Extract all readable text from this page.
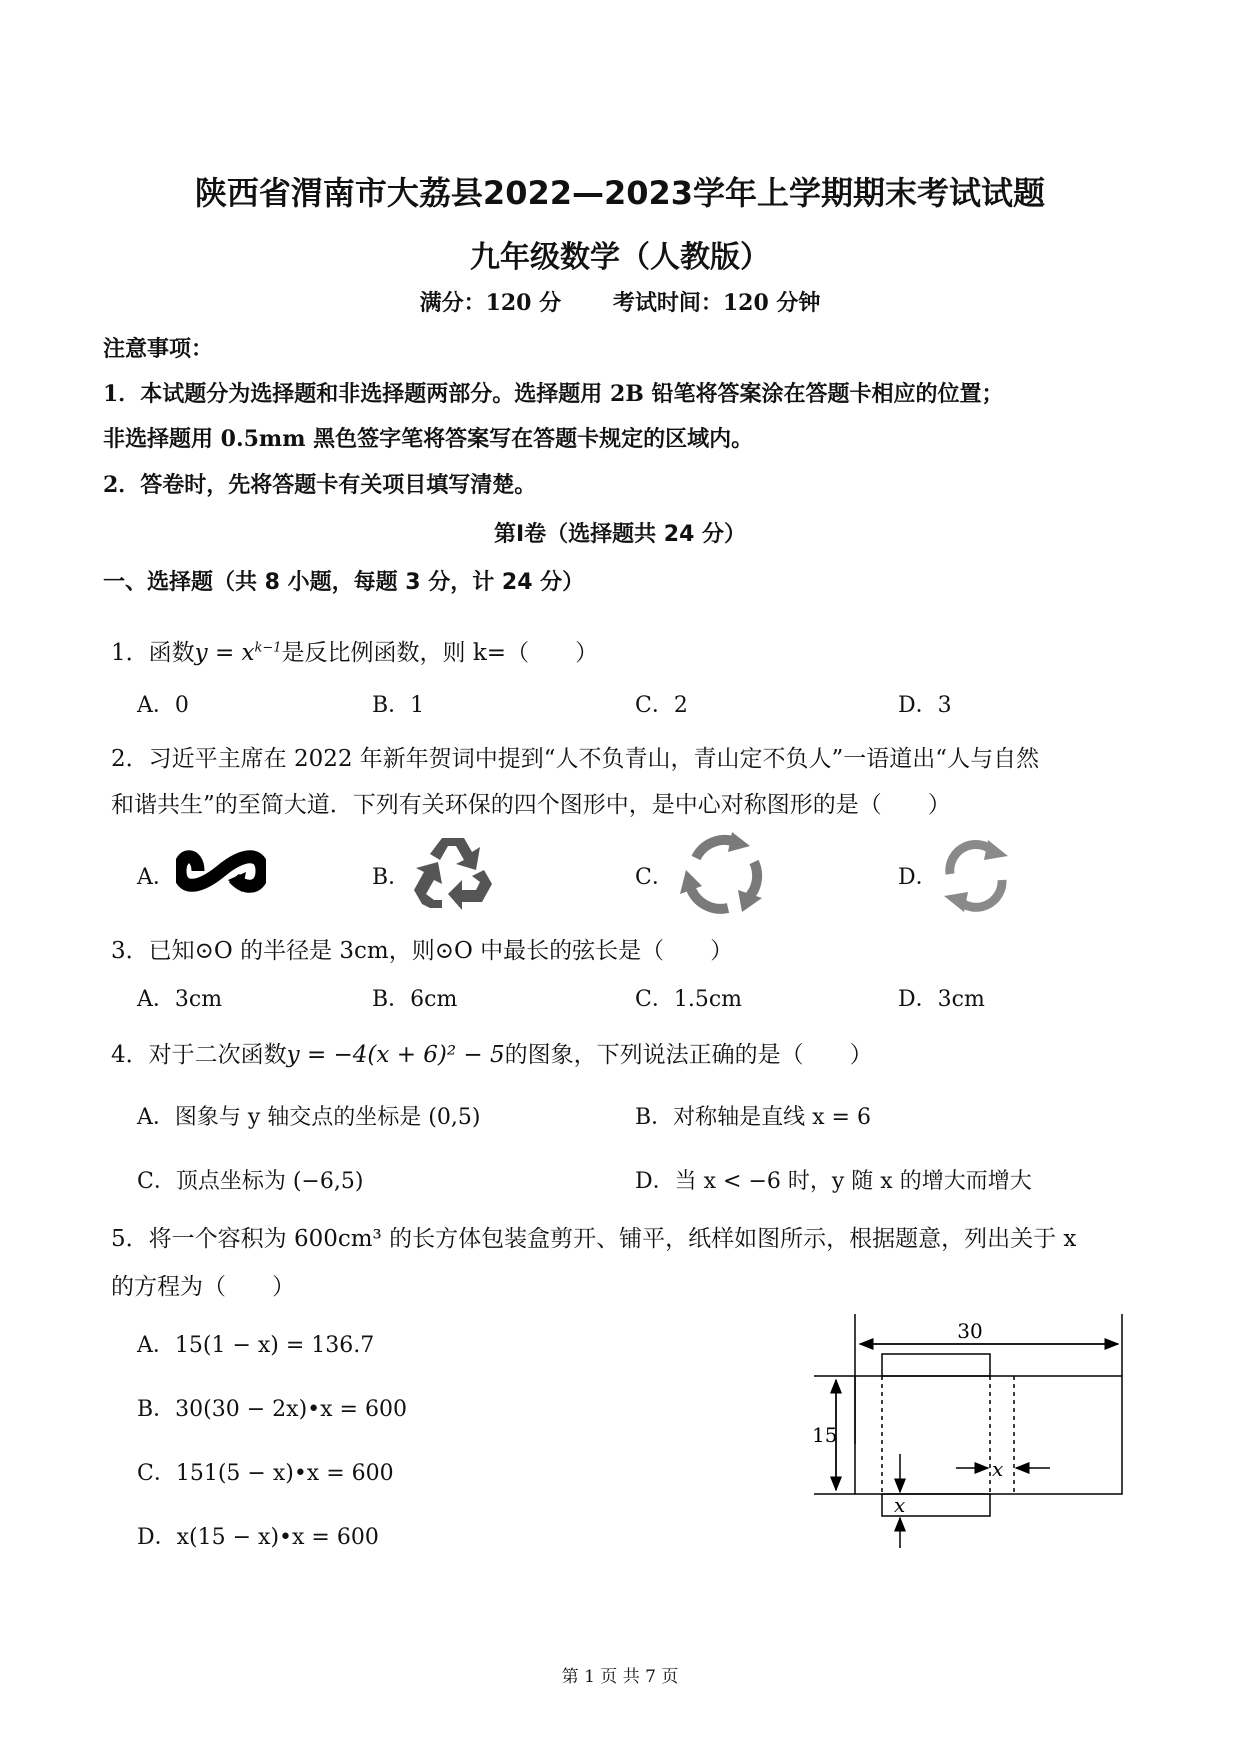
陕西省渭南市大荔县2022—2023学年上学期期末考试试题
九年级数学（人教版）
满分：120 分 考试时间：120 分钟
注意事项：
1．本试题分为选择题和非选择题两部分。选择题用 2B 铅笔将答案涂在答题卡相应的位置；
非选择题用 0.5mm 黑色签字笔将答案写在答题卡规定的区域内。
2．答卷时，先将答题卡有关项目填写清楚。
第Ⅰ卷（选择题共 24 分）
一、选择题（共 8 小题，每题 3 分，计 24 分）
1．函数$y = x^{k-1}$是反比例函数，则 k=（　　）
A．0	B．1	C．2	D．3
2．习近平主席在 2022 年新年贺词中提到“人不负青山，青山定不负人”一语道出“人与自然
和谐共生”的至简大道．下列有关环保的四个图形中，是中心对称图形的是（　　）
A．	B．	C．	D．
3．已知⊙O 的半径是 3cm，则⊙O 中最长的弦长是（　　）
A．3cm	B．6cm	C．1.5cm	D．3cm
4．对于二次函数y = −4(x + 6)² − 5的图象，下列说法正确的是（　　）
A．图象与 y 轴交点的坐标是 (0,5)	B．对称轴是直线 x = 6
C．顶点坐标为 (−6,5)	D．当 x < −6 时，y 随 x 的增大而增大
5．将一个容积为 600cm³ 的长方体包装盒剪开、铺平，纸样如图所示，根据题意，列出关于 x
的方程为（　　）
A．15(1 − x) = 136.7
B．30(30 − 2x)•x = 600
C．151(5 − x)•x = 600
D．x(15 − x)•x = 600
30
15
x
x
第 1 页 共 7 页
